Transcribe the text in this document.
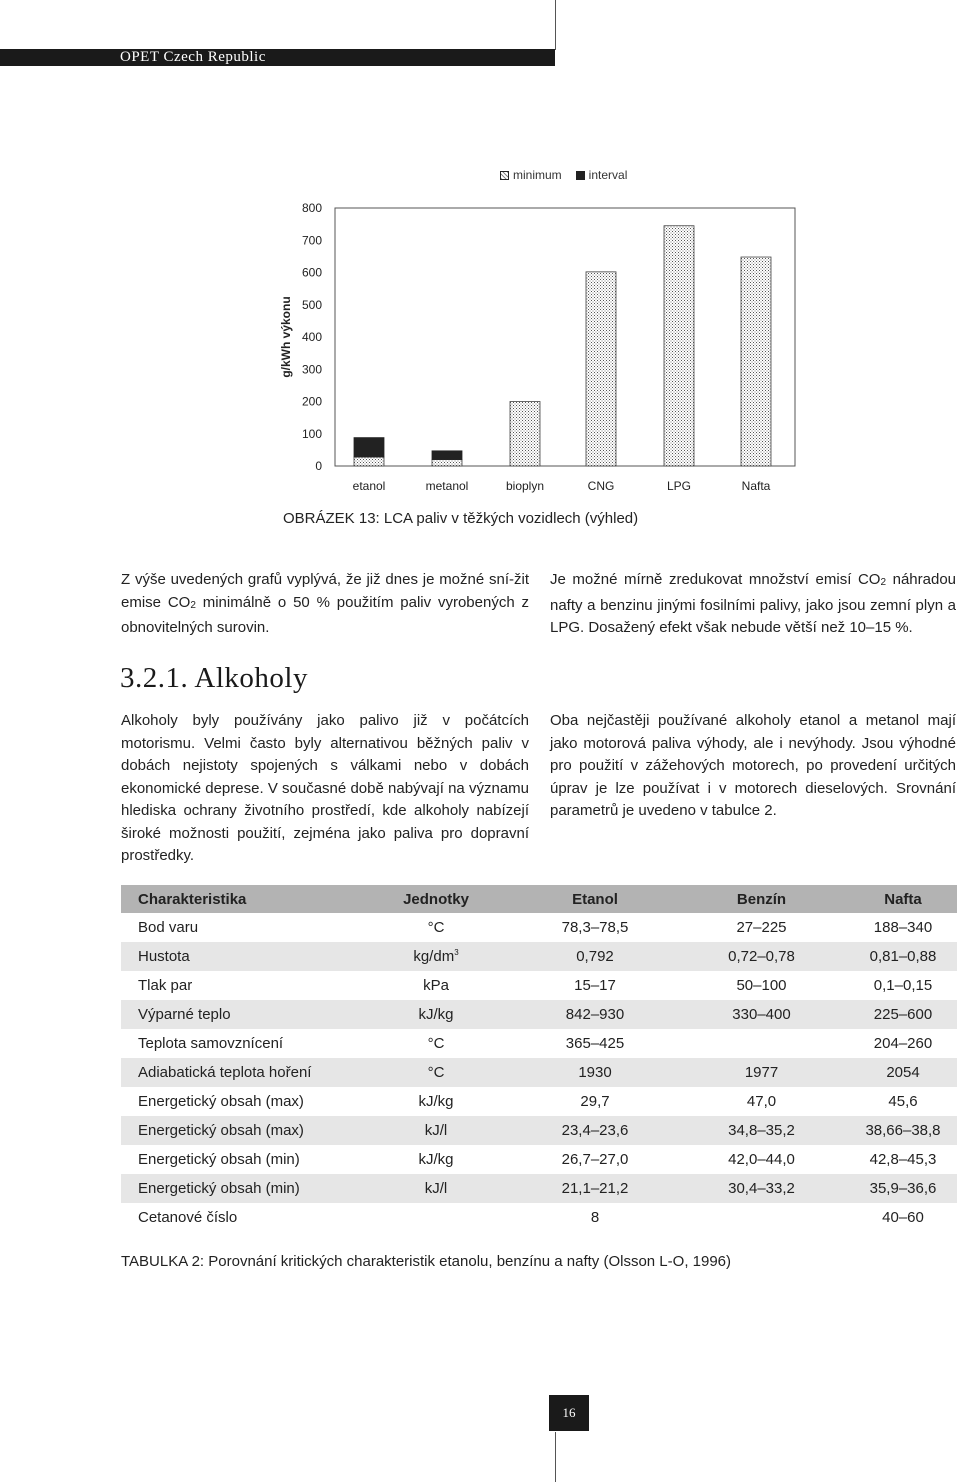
OPET Czech Republic
minimum interval
0
100
200
300
400
500
600
700
800
g/kWh výkonu
etanol	metanol	bioplyn	CNG	LPG	Nafta
OBRÁZEK 13: LCA paliv v těžkých vozidlech (výhled)
Z výše uvedených grafů vyplývá, že již dnes je možné sní-žit emise $CO_2$ minimálně o 50 % použitím paliv vyrobených z obnovitelných surovin.
Je možné mírně zredukovat množství emisí $CO_2$ náhradou nafty a benzinu jinými fosilními palivy, jako jsou zemní plyn a LPG. Dosažený efekt však nebude větší než 10–15 %.
3.2.1. Alkoholy
Alkoholy byly používány jako palivo již v počátcích motorismu. Velmi často byly alternativou běžných paliv v dobách nejistoty spojených s válkami nebo v dobách ekonomické deprese. V současné době nabývají na významu hlediska ochrany životního prostředí, kde alkoholy nabízejí široké možnosti použití, zejména jako paliva pro dopravní prostředky.
Oba nejčastěji používané alkoholy etanol a metanol mají jako motorová paliva výhody, ale i nevýhody. Jsou výhodné pro použití v zážehových motorech, po provedení určitých úprav je lze používat i v motorech dieselových. Srovnání parametrů je uvedeno v tabulce 2.
Charakteristika	Jednotky	Etanol	Benzín	Nafta
Bod varu	°C	78,3–78,5	27–225	188–340
Hustota	$kg/dm^3$	0,792	0,72–0,78	0,81–0,88
Tlak par	kPa	15–17	50–100	0,1–0,15
Výparné teplo	kJ/kg	842–930	330–400	225–600
Teplota samovznícení	°C	365–425		204–260
Adiabatická teplota hoření	°C	1930	1977	2054
Energetický obsah (max)	kJ/kg	29,7	47,0	45,6
Energetický obsah (max)	kJ/l	23,4–23,6	34,8–35,2	38,66–38,8
Energetický obsah (min)	kJ/kg	26,7–27,0	42,0–44,0	42,8–45,3
Energetický obsah (min)	kJ/l	21,1–21,2	30,4–33,2	35,9–36,6
Cetanové číslo		8		40–60
TABULKA 2: Porovnání kritických charakteristik etanolu, benzínu a nafty (Olsson L-O, 1996)
16
